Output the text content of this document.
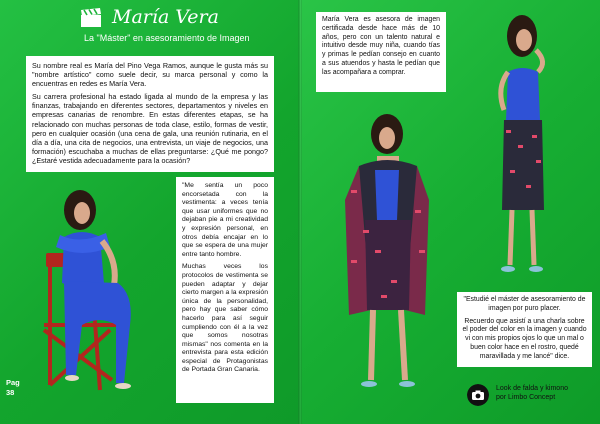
María Vera
La "Máster" en asesoramiento de Imagen

Su nombre real es María del Pino Vega Ramos, aunque le gusta más su "nombre artístico" como suele decir, su marca personal y como la encuentras en redes es María Vera.

Su carrera profesional ha estado ligada al mundo de la empresa y las finanzas, trabajando en diferentes sectores, departamentos y niveles en empresas canarias de renombre. En estas diferentes etapas, se ha relacionado con muchas personas de toda clase, estilo, formas de vestir, pero en cualquier ocasión (una cena de gala, una reunión rutinaria, en el día a día, una cita de negocios, una entrevista, un viaje de negocios, una formación) escuchaba a muchas de ellas preguntarse: ¿Qué me pongo? ¿Estaré vestida adecuadamente para la ocasión?

"Me sentía un poco encorsetada con la vestimenta: a veces tenía que usar uniformes que no dejaban pie a mi creatividad y expresión personal, en otros debía encajar en lo que se espera de una mujer entre tanto hombre.

Muchas veces los protocolos de vestimenta se pueden adaptar y dejar cierto margen a la expresión única de la personalidad, pero hay que saber cómo hacerlo para así seguir cumpliendo con él a la vez que somos nosotras mismas" nos comenta en la entrevista para esta edición especial de Protagonistas de Portada Gran Canaria.

María Vera es asesora de imagen certificada desde hace más de 10 años, pero con un talento natural e intuitivo desde muy niña, cuando tías y primas le pedían consejo en cuanto a sus atuendos y hasta le pedían que las acompañara a comprar.

"Estudié el máster de asesoramiento de imagen por puro placer.

Recuerdo que asistí a una charla sobre el poder del color en la imagen y cuando vi con mis propios ojos lo que un mal o buen color hace en el rostro, quedé maravillada y me lancé" dice.

Pag
38	Look de falda y kimono
por Limbo Concept
